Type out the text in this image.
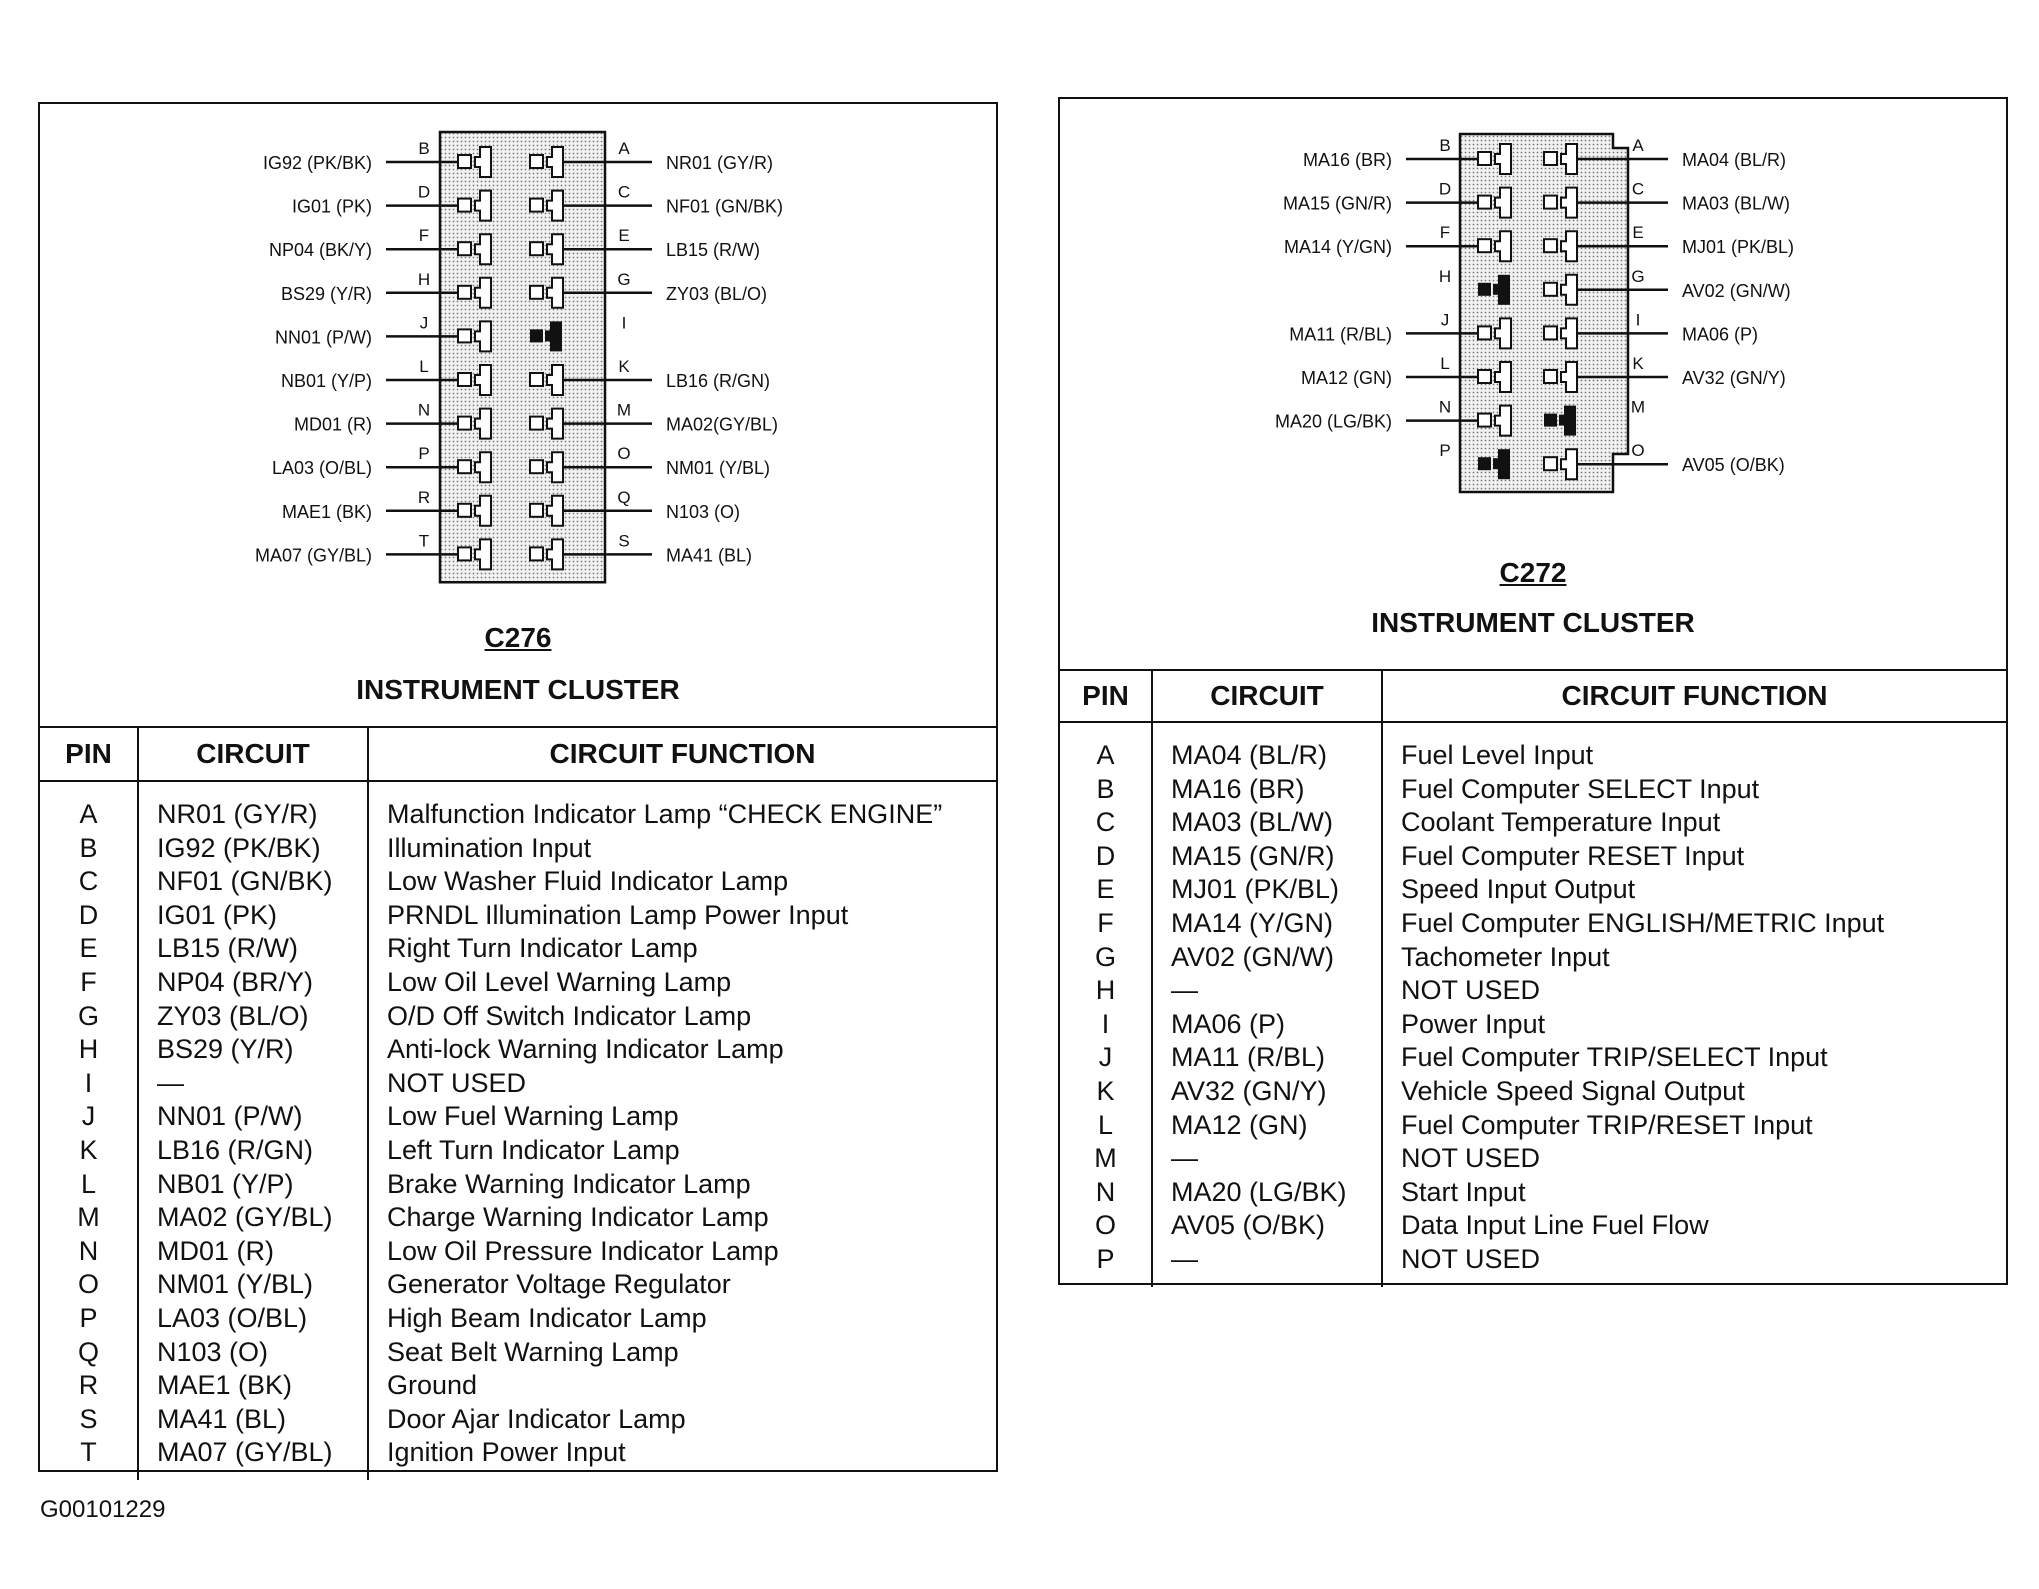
B
IG92 (PK/BK)
D
IG01 (PK)
F
NP04 (BK/Y)
H
BS29 (Y/R)
J
NN01 (P/W)
L
NB01 (Y/P)
N
MD01 (R)
P
LA03 (O/BL)
R
MAE1 (BK)
T
MA07 (GY/BL)
A
NR01 (GY/R)
C
NF01 (GN/BK)
E
LB15 (R/W)
G
ZY03 (BL/O)
I
K
LB16 (R/GN)
M
MA02(GY/BL)
O
NM01 (Y/BL)
Q
N103 (O)
S
MA41 (BL)
C276
INSTRUMENT CLUSTER
PIN	CIRCUIT	CIRCUIT FUNCTION
A	NR01 (GY/R)	Malfunction Indicator Lamp “CHECK ENGINE”
B	IG92 (PK/BK)	Illumination Input
C	NF01 (GN/BK)	Low Washer Fluid Indicator Lamp
D	IG01 (PK)	PRNDL Illumination Lamp Power Input
E	LB15 (R/W)	Right Turn Indicator Lamp
F	NP04 (BR/Y)	Low Oil Level Warning Lamp
G	ZY03 (BL/O)	O/D Off Switch Indicator Lamp
H	BS29 (Y/R)	Anti-lock Warning Indicator Lamp
I	—	NOT USED
J	NN01 (P/W)	Low Fuel Warning Lamp
K	LB16 (R/GN)	Left Turn Indicator Lamp
L	NB01 (Y/P)	Brake Warning Indicator Lamp
M	MA02 (GY/BL)	Charge Warning Indicator Lamp
N	MD01 (R)	Low Oil Pressure Indicator Lamp
O	NM01 (Y/BL)	Generator Voltage Regulator
P	LA03 (O/BL)	High Beam Indicator Lamp
Q	N103 (O)	Seat Belt Warning Lamp
R	MAE1 (BK)	Ground
S	MA41 (BL)	Door Ajar Indicator Lamp
T	MA07 (GY/BL)	Ignition Power Input
B
MA16 (BR)
D
MA15 (GN/R)
F
MA14 (Y/GN)
H
J
MA11 (R/BL)
L
MA12 (GN)
N
MA20 (LG/BK)
P
A
MA04 (BL/R)
C
MA03 (BL/W)
E
MJ01 (PK/BL)
G
AV02 (GN/W)
I
MA06 (P)
K
AV32 (GN/Y)
M
O
AV05 (O/BK)
C272
INSTRUMENT CLUSTER
PIN	CIRCUIT	CIRCUIT FUNCTION
A	MA04 (BL/R)	Fuel Level Input
B	MA16 (BR)	Fuel Computer SELECT Input
C	MA03 (BL/W)	Coolant Temperature Input
D	MA15 (GN/R)	Fuel Computer RESET Input
E	MJ01 (PK/BL)	Speed Input Output
F	MA14 (Y/GN)	Fuel Computer ENGLISH/METRIC Input
G	AV02 (GN/W)	Tachometer Input
H	—	NOT USED
I	MA06 (P)	Power Input
J	MA11 (R/BL)	Fuel Computer TRIP/SELECT Input
K	AV32 (GN/Y)	Vehicle Speed Signal Output
L	MA12 (GN)	Fuel Computer TRIP/RESET Input
M	—	NOT USED
N	MA20 (LG/BK)	Start Input
O	AV05 (O/BK)	Data Input Line Fuel Flow
P	—	NOT USED
G00101229
